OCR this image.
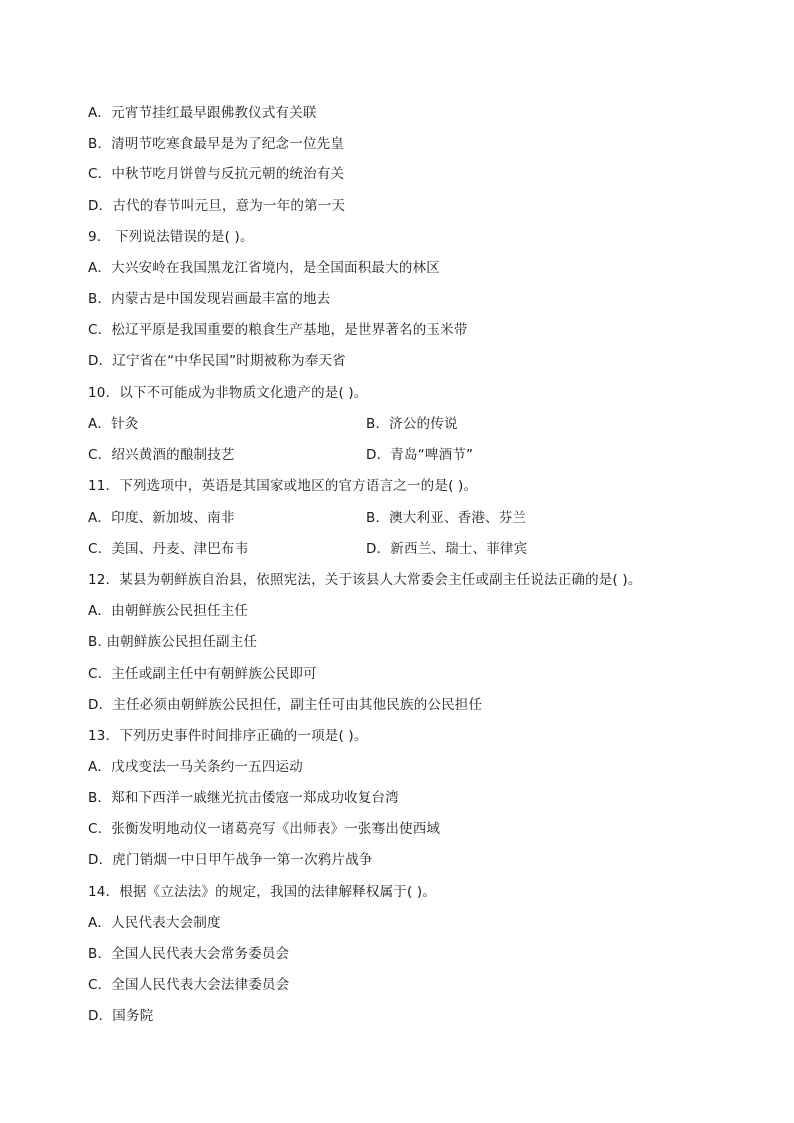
A．元宵节挂红最早跟佛教仪式有关联
B．清明节吃寒食最早是为了纪念一位先皇
C．中秋节吃月饼曾与反抗元朝的统治有关
D．古代的春节叫元旦，意为一年的第一天
9． 下列说法错误的是( )。
A．大兴安岭在我国黑龙江省境内，是全国面积最大的林区
B．内蒙古是中国发现岩画最丰富的地去
C．松辽平原是我国重要的粮食生产基地，是世界著名的玉米带
D．辽宁省在“中华民国”时期被称为奉天省
10．以下不可能成为非物质文化遗产的是( )。
A．针灸	B．济公的传说
C．绍兴黄酒的酿制技艺	D．青岛“啤酒节”
11．下列选项中，英语是其国家或地区的官方语言之一的是( )。
A．印度、新加坡、南非	B．澳大利亚、香港、芬兰
C．美国、丹麦、津巴布韦	D．新西兰、瑞士、菲律宾
12．某县为朝鲜族自治县，依照宪法，关于该县人大常委会主任或副主任说法正确的是( )。
A．由朝鲜族公民担任主任
B. 由朝鲜族公民担任副主任
C．主任或副主任中有朝鲜族公民即可
D．主任必须由朝鲜族公民担任，副主任可由其他民族的公民担任
13．下列历史事件时间排序正确的一项是( )。
A．戊戌变法一马关条约一五四运动
B．郑和下西洋一戚继光抗击倭寇一郑成功收复台湾
C．张衡发明地动仪一诸葛亮写《出师表》一张骞出使西域
D．虎门销烟一中日甲午战争一第一次鸦片战争
14．根据《立法法》的规定，我国的法律解释权属于( )。
A．人民代表大会制度
B．全国人民代表大会常务委员会
C．全国人民代表大会法律委员会
D．国务院
